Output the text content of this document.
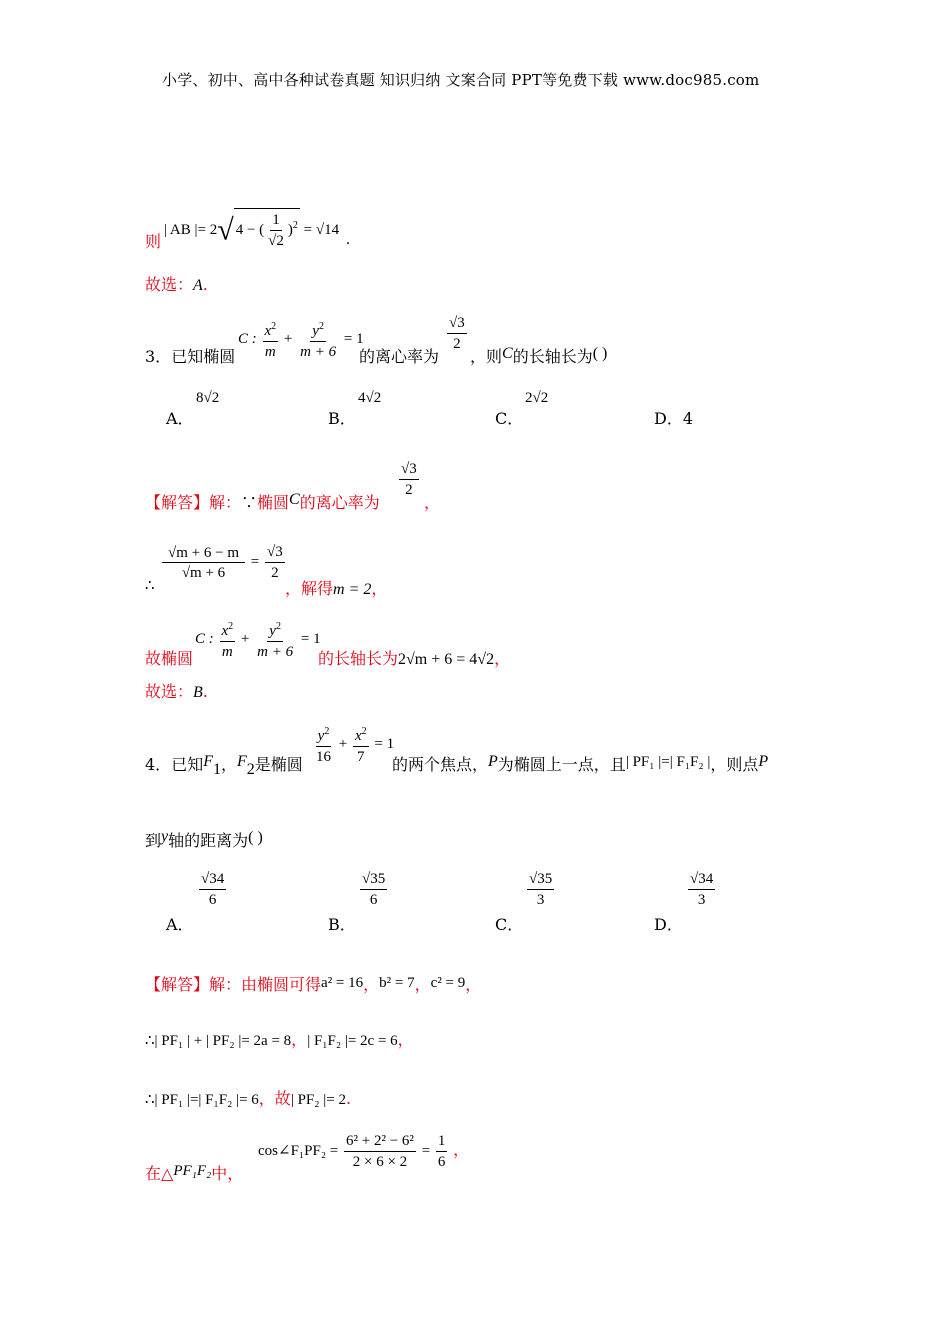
小学、初中、高中各种试卷真题 知识归纳 文案合同 PPT等免费下载 www.doc985.com
| AB |= 2√ 4 − ( $\frac{1}{√2} )^2 = √14$
则	.
故选：A.
3．已知椭圆
C : $\frac{x^2}{m} + \frac{y^2}{m + 6} = 1$
的离心率为
$\frac{√3}{2}$
，则C的长轴长为( )
A．
8√2
B．
4√2
C．
2√2
D．4
【解答】解：∵椭圆C的离心率为
$\frac{√3}{2}$
，
∴
$\frac{√m + 6 - m}{√m + 6} = \frac{√3}{2}$
，解得m = 2，
故椭圆
C : $\frac{x^2}{m} + \frac{y^2}{m + 6} = 1$
的长轴长为2√m + 6 = 4√2，
故选：B.
4．已知$F_1$，$F_2$是椭圆 $\frac{y^2}{16} + \frac{x^2}{7} = 1$
的两个焦点，P为椭圆上一点，且| PF₁ |=| F₁F₂ |，则点P
到y轴的距离为( )
A．
$\frac{√34}{6}$
B．
$\frac{√35}{6}$
C．
$\frac{√35}{3}$
D．
$\frac{√34}{3}$
【解答】解：由椭圆可得a² = 16，b² = 7，c² = 9，
∴| PF₁ | + | PF₂ |= 2a = 8，| F₁F₂ |= 2c = 6，
∴| PF₁ |=| F₁F₂ |= 6，故| PF₂ |= 2.
在△PF₁F₂中，
cos∠F₁PF₂ = $\frac{\text{6² + 2² − 6²}}{2 \times 6 \times 2} = \frac{1}{6}$ ，
